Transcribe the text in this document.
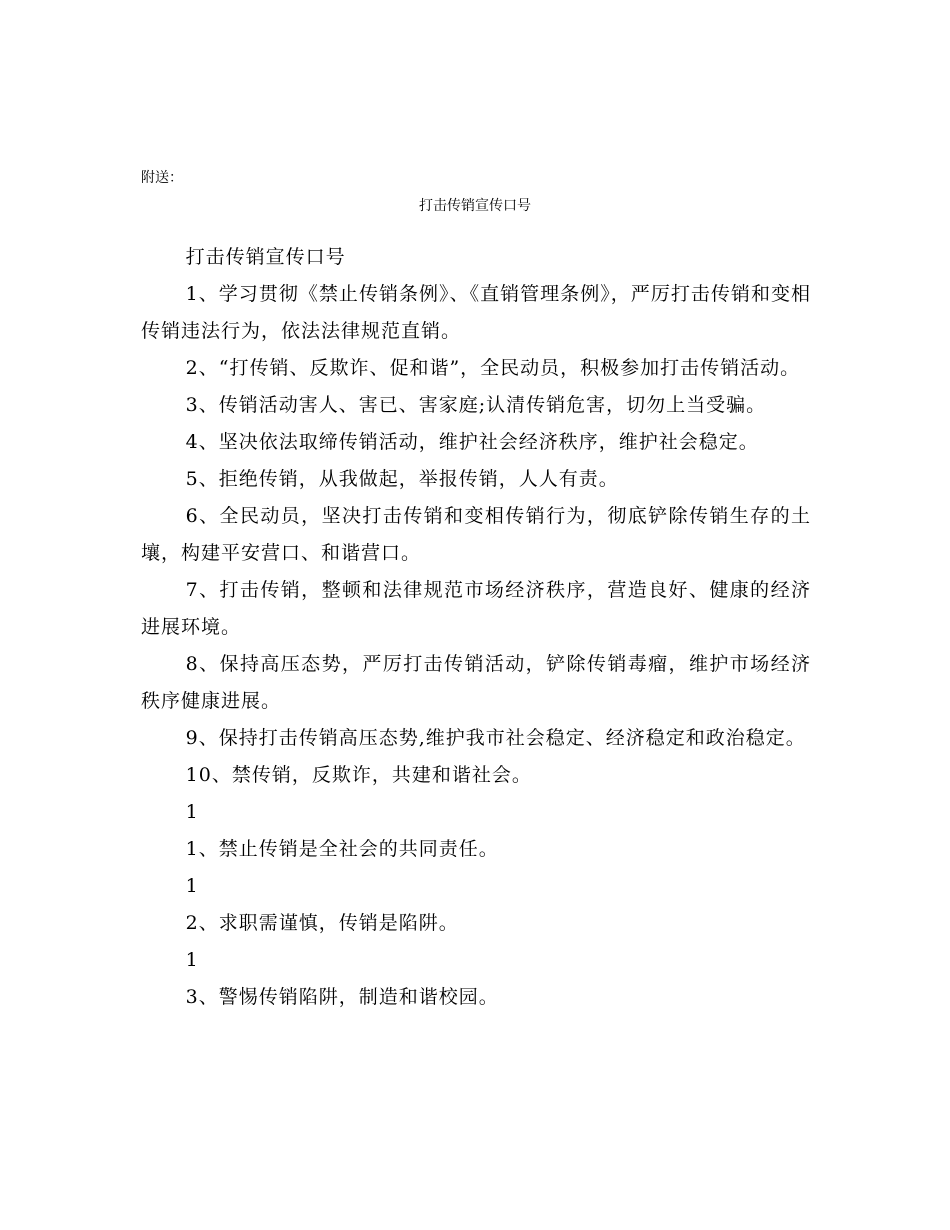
附送：
打击传销宣传口号

打击传销宣传口号

1、学习贯彻《禁止传销条例》、《直销管理条例》，严厉打击传销和变相传销违法行为，依法法律规范直销。

2、“打传销、反欺诈、促和谐”，全民动员，积极参加打击传销活动。

3、传销活动害人、害已、害家庭;认清传销危害，切勿上当受骗。

4、坚决依法取缔传销活动，维护社会经济秩序，维护社会稳定。

5、拒绝传销，从我做起，举报传销，人人有责。

6、全民动员，坚决打击传销和变相传销行为，彻底铲除传销生存的土壤，构建平安营口、和谐营口。

7、打击传销，整顿和法律规范市场经济秩序，营造良好、健康的经济进展环境。

8、保持高压态势，严厉打击传销活动，铲除传销毒瘤，维护市场经济秩序健康进展。

9、保持打击传销高压态势,维护我市社会稳定、经济稳定和政治稳定。

10、禁传销，反欺诈，共建和谐社会。

1

1、禁止传销是全社会的共同责任。

1

2、求职需谨慎，传销是陷阱。

1

3、警惕传销陷阱，制造和谐校园。
